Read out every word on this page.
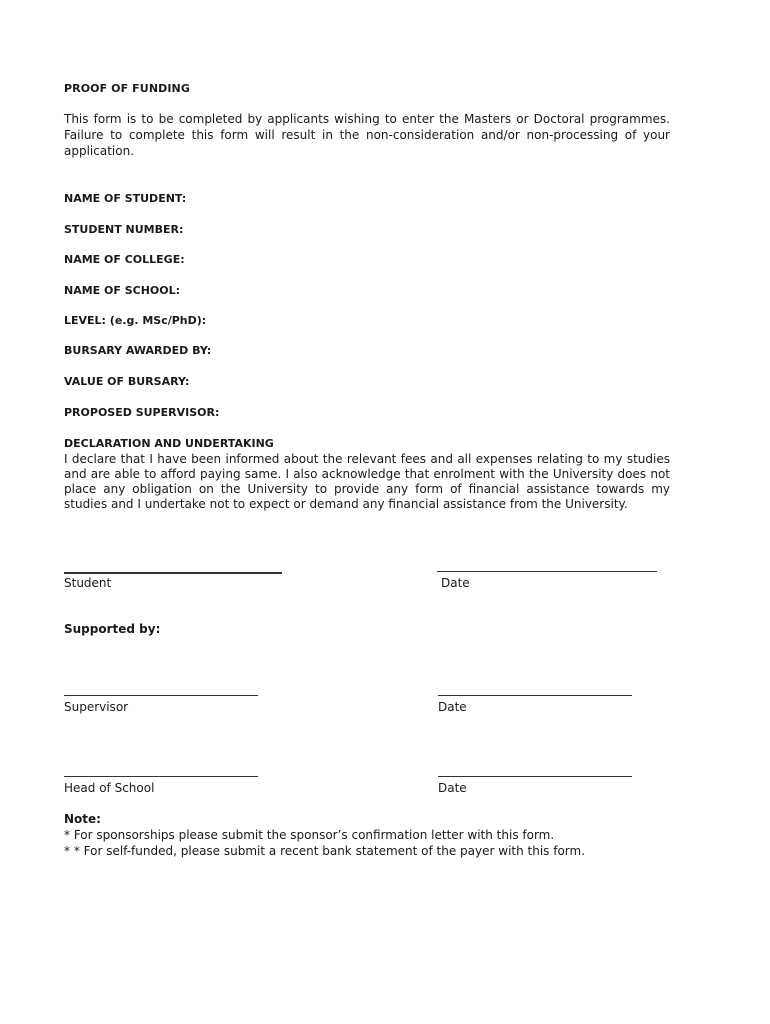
PROOF OF FUNDING
This form is to be completed by applicants wishing to enter the Masters or Doctoral programmes. Failure to complete this form will result in the non-consideration and/or non-processing of your application.
NAME OF STUDENT:
STUDENT NUMBER:
NAME OF COLLEGE:
NAME OF SCHOOL:
LEVEL: (e.g. MSc/PhD):
BURSARY AWARDED BY:
VALUE OF BURSARY:
PROPOSED SUPERVISOR:
DECLARATION AND UNDERTAKING
I declare that I have been informed about the relevant fees and all expenses relating to my studies and are able to afford paying same. I also acknowledge that enrolment with the University does not place any obligation on the University to provide any form of financial assistance towards my studies and I undertake not to expect or demand any financial assistance from the University.
Student	Date
Supported by:
Supervisor	Date
Head of School	Date
Note:
* For sponsorships please submit the sponsor’s confirmation letter with this form.
* * For self-funded, please submit a recent bank statement of the payer with this form.
